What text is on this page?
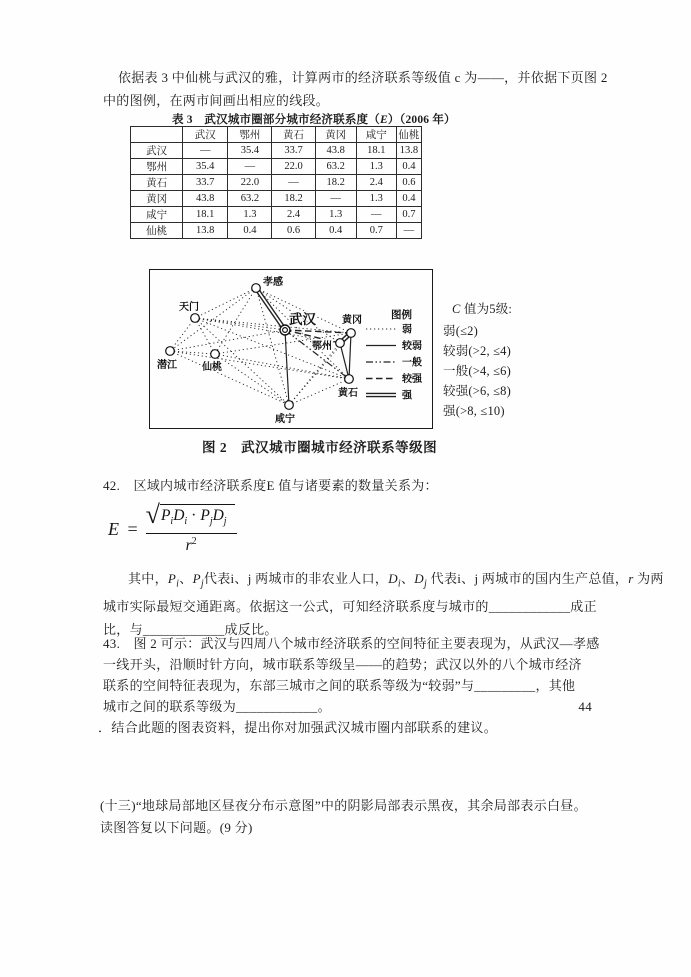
依据表 3 中仙桃与武汉的雅，计算两市的经济联系等级值 c 为——，并依据下页图 2
中的图例，在两市间画出相应的线段。
表 3　武汉城市圈部分城市经济联系度（E）（2006 年）
	武汉	鄂州	黄石	黄冈	咸宁	仙桃
武汉	—	35.4	33.7	43.8	18.1	13.8
鄂州	35.4	—	22.0	63.2	1.3	0.4
黄石	33.7	22.0	—	18.2	2.4	0.6
黄冈	43.8	63.2	18.2	—	1.3	0.4
咸宁	18.1	1.3	2.4	1.3	—	0.7
仙桃	13.8	0.4	0.6	0.4	0.7	—
孝感
天门
武汉	黄冈
鄂州
潜江	仙桃
黄石
咸宁
图例
弱
较弱
一般
较强
强
C 值为5级:
弱(≤2)
较弱(>2, ≤4)
一般(>4, ≤6)
较强(>6, ≤8)
强(>8, ≤10)
图 2　武汉城市圈城市经济联系等级图
42.　区域内城市经济联系度E 值与诸要素的数量关系为：
$E = \frac{√ P_iD_i \cdot P_jD_j}{r^2}$
其中，$P_i$、$P_j$代表i、j 两城市的非农业人口，$D_i$、$D_j$ 代表i、j 两城市的国内生产总值，r 为两
城市实际最短交通距离。依据这一公式，可知经济联系度与城市的____________成正
比，与____________成反比。
43.　图 2 可示：武汉与四周八个城市经济联系的空间特征主要表现为，从武汉—孝感
一线开头，沿顺时针方向，城市联系等级呈——的趋势；武汉以外的八个城市经济
联系的空间特征表现为，东部三城市之间的联系等级为“较弱”与_________，其他
城市之间的联系等级为____________。	44
．结合此题的图表资料，提出你对加强武汉城市圈内部联系的建议。
(十三)“地球局部地区昼夜分布示意图”中的阴影局部表示黑夜，其余局部表示白昼。
读图答复以下问题。(9 分)
